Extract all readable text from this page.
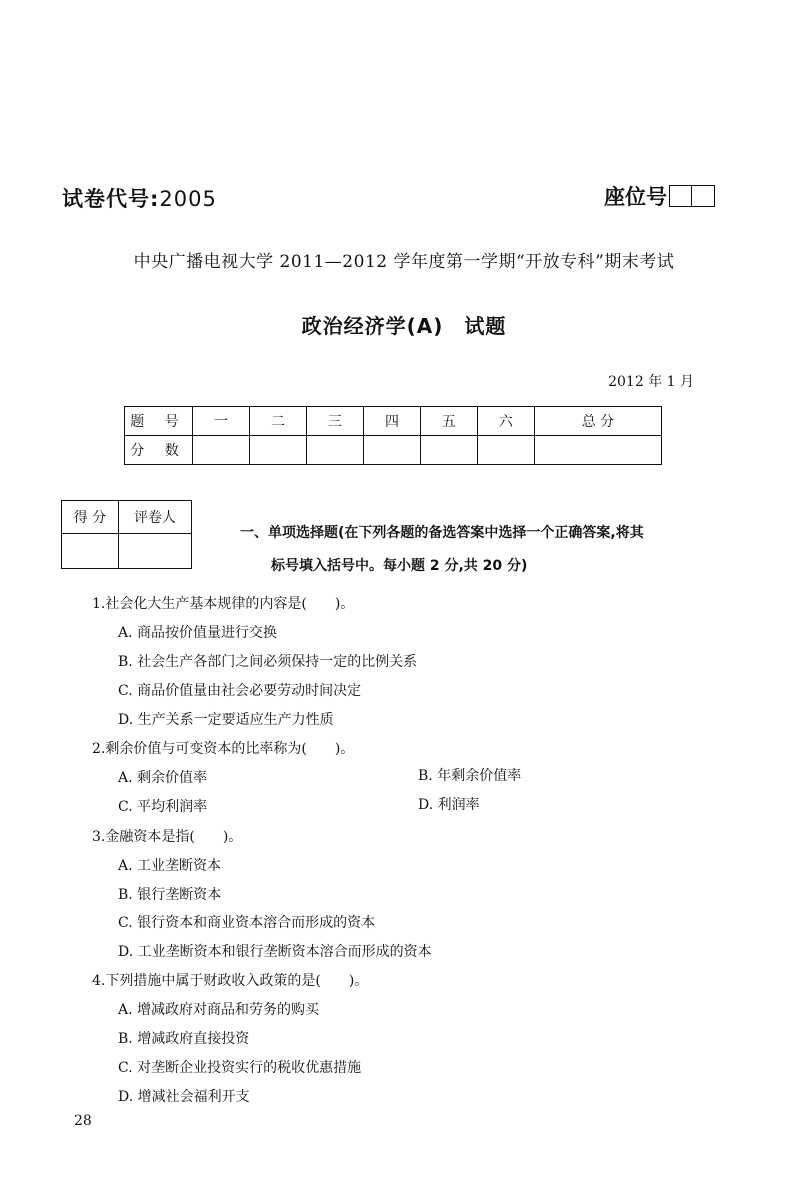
试卷代号:2005	座位号
中央广播电视大学 2011—2012 学年度第一学期“开放专科”期末考试
政治经济学(A)　试题
2012 年 1 月
题 号	一	二	三	四	五	六	总 分
分 数							
得 分	评卷人

一、单项选择题(在下列各题的备选答案中选择一个正确答案,将其
标号填入括号中。每小题 2 分,共 20 分)
1.社会化大生产基本规律的内容是(　　)。
A. 商品按价值量进行交换
B. 社会生产各部门之间必须保持一定的比例关系
C. 商品价值量由社会必要劳动时间决定
D. 生产关系一定要适应生产力性质
2.剩余价值与可变资本的比率称为(　　)。
A. 剩余价值率	B. 年剩余价值率
C. 平均利润率	D. 利润率
3.金融资本是指(　　)。
A. 工业垄断资本
B. 银行垄断资本
C. 银行资本和商业资本溶合而形成的资本
D. 工业垄断资本和银行垄断资本溶合而形成的资本
4.下列措施中属于财政收入政策的是(　　)。
A. 增减政府对商品和劳务的购买
B. 增减政府直接投资
C. 对垄断企业投资实行的税收优惠措施
D. 增减社会福利开支
28
